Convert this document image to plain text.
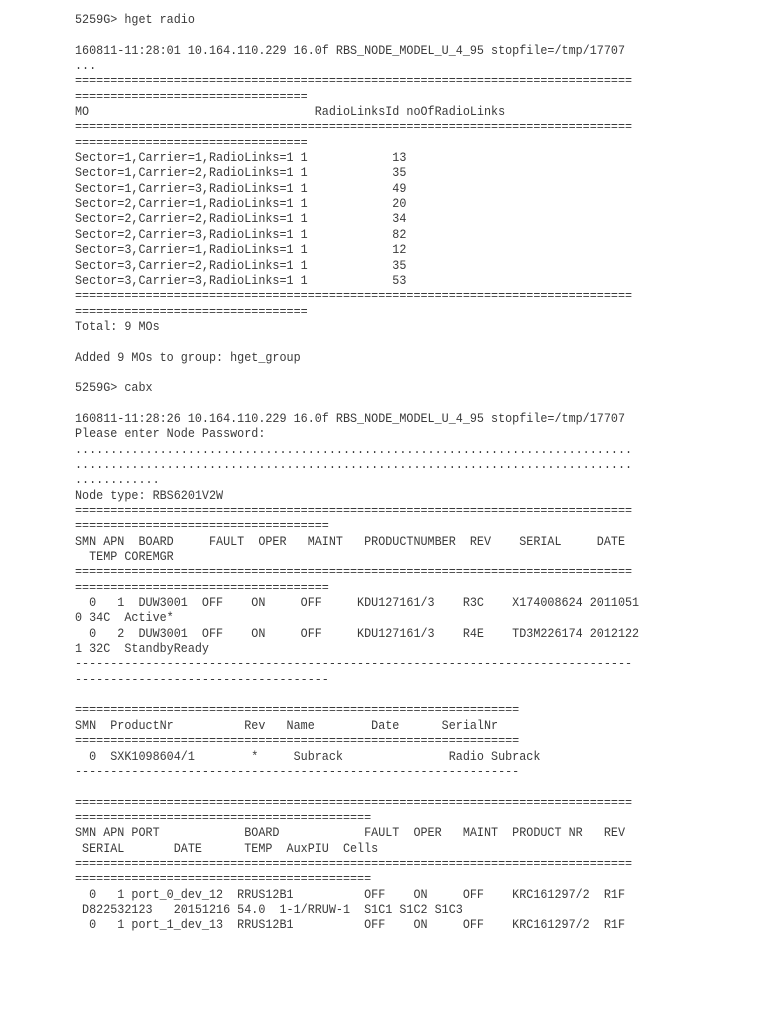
5259G> hget radio
160811-11:28:01 10.164.110.229 16.0f RBS_NODE_MODEL_U_4_95 stopfile=/tmp/17707
...
===============================================================================
=================================
MO                                RadioLinksId noOfRadioLinks
===============================================================================
=================================
Sector=1,Carrier=1,RadioLinks=1 1            13
Sector=1,Carrier=2,RadioLinks=1 1            35
Sector=1,Carrier=3,RadioLinks=1 1            49
Sector=2,Carrier=1,RadioLinks=1 1            20
Sector=2,Carrier=2,RadioLinks=1 1            34
Sector=2,Carrier=3,RadioLinks=1 1            82
Sector=3,Carrier=1,RadioLinks=1 1            12
Sector=3,Carrier=2,RadioLinks=1 1            35
Sector=3,Carrier=3,RadioLinks=1 1            53
===============================================================================
=================================
Total: 9 MOs
Added 9 MOs to group: hget_group
5259G> cabx
160811-11:28:26 10.164.110.229 16.0f RBS_NODE_MODEL_U_4_95 stopfile=/tmp/17707
Please enter Node Password:
...............................................................................
...............................................................................
............
Node type: RBS6201V2W
===============================================================================
====================================
SMN APN  BOARD     FAULT  OPER   MAINT   PRODUCTNUMBER  REV    SERIAL     DATE
TEMP COREMGR
===============================================================================
====================================
0   1  DUW3001  OFF    ON     OFF     KDU127161/3    R3C    X174008624 2011051
0 34C  Active*
0   2  DUW3001  OFF    ON     OFF     KDU127161/3    R4E    TD3M226174 2012122
1 32C  StandbyReady
-------------------------------------------------------------------------------
------------------------------------
===============================================================
SMN  ProductNr          Rev   Name        Date      SerialNr
===============================================================
0  SXK1098604/1        *     Subrack               Radio Subrack
---------------------------------------------------------------
===============================================================================
==========================================
SMN APN PORT            BOARD            FAULT  OPER   MAINT  PRODUCT NR   REV
SERIAL       DATE      TEMP  AuxPIU  Cells
===============================================================================
==========================================
0   1 port_0_dev_12  RRUS12B1          OFF    ON     OFF    KRC161297/2  R1F
D822532123   20151216 54.0  1-1/RRUW-1  S1C1 S1C2 S1C3
0   1 port_1_dev_13  RRUS12B1          OFF    ON     OFF    KRC161297/2  R1F
